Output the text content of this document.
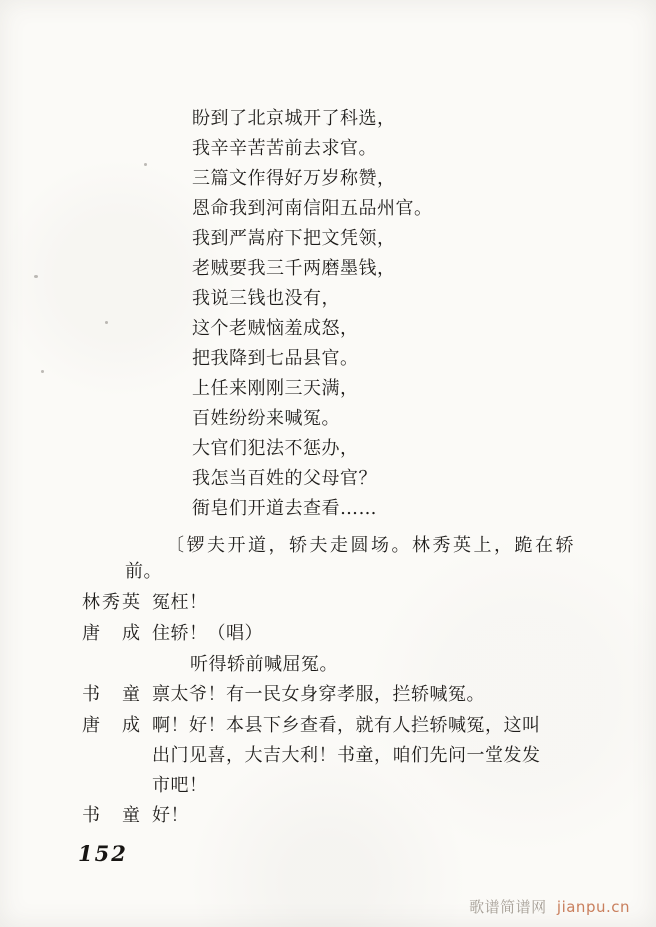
盼到了北京城开了科选，
我辛辛苦苦前去求官。
三篇文作得好万岁称赞，
恩命我到河南信阳五品州官。
我到严嵩府下把文凭领，
老贼要我三千两磨墨钱，
我说三钱也没有，
这个老贼恼羞成怒，
把我降到七品县官。
上任来刚刚三天满，
百姓纷纷来喊冤。
大官们犯法不惩办，
我怎当百姓的父母官？
衙皂们开道去查看……
〔锣夫开道，轿夫走圆场。林秀英上，跪在轿
前。
林秀英 冤枉！
唐成 住轿！（唱）
听得轿前喊屈冤。
书童 禀太爷！有一民女身穿孝服，拦轿喊冤。
唐成 啊！好！本县下乡查看，就有人拦轿喊冤，这叫
出门见喜，大吉大利！书童，咱们先问一堂发发
市吧！
书童 好！
152
歌谱简谱网 jianpu.cn
